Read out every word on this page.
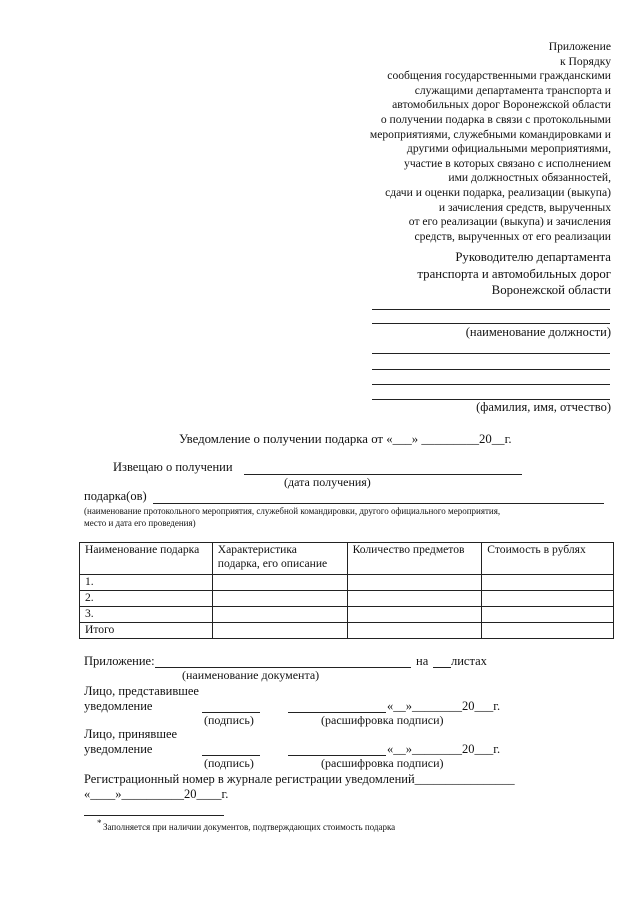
Приложение
к Порядку
сообщения государственными гражданскими
служащими департамента транспорта и
автомобильных дорог Воронежской области
о получении подарка в связи с протокольными
мероприятиями, служебными командировками и
другими официальными мероприятиями,
участие в которых связано с исполнением
ими должностных обязанностей,
сдачи и оценки подарка, реализации (выкупа)
и зачисления средств, вырученных
от его реализации (выкупа) и зачисления
средств, вырученных от его реализации
Руководителю департамента
транспорта и автомобильных дорог
Воронежской области
(наименование должности)
(фамилия, имя, отчество)
Уведомление о получении подарка от «___» _________20__г.
Извещаю о получении
(дата получения)
подарка(ов)
(наименование протокольного мероприятия, служебной командировки, другого официального мероприятия,
место и дата его проведения)
Наименование подарка	Характеристика подарка, его описание	Количество предметов	Стоимость в рублях
1.			
2.			
3.			
Итого			
Приложение:	на листах
(наименование документа)
Лицо, представившее
уведомление	«__»________20___г.
(подпись)	(расшифровка подписи)
Лицо, принявшее
уведомление	«__»________20___г.
(подпись)	(расшифровка подписи)
Регистрационный номер в журнале регистрации уведомлений________________
«____»__________20____г.
* Заполняется при наличии документов, подтверждающих стоимость подарка
